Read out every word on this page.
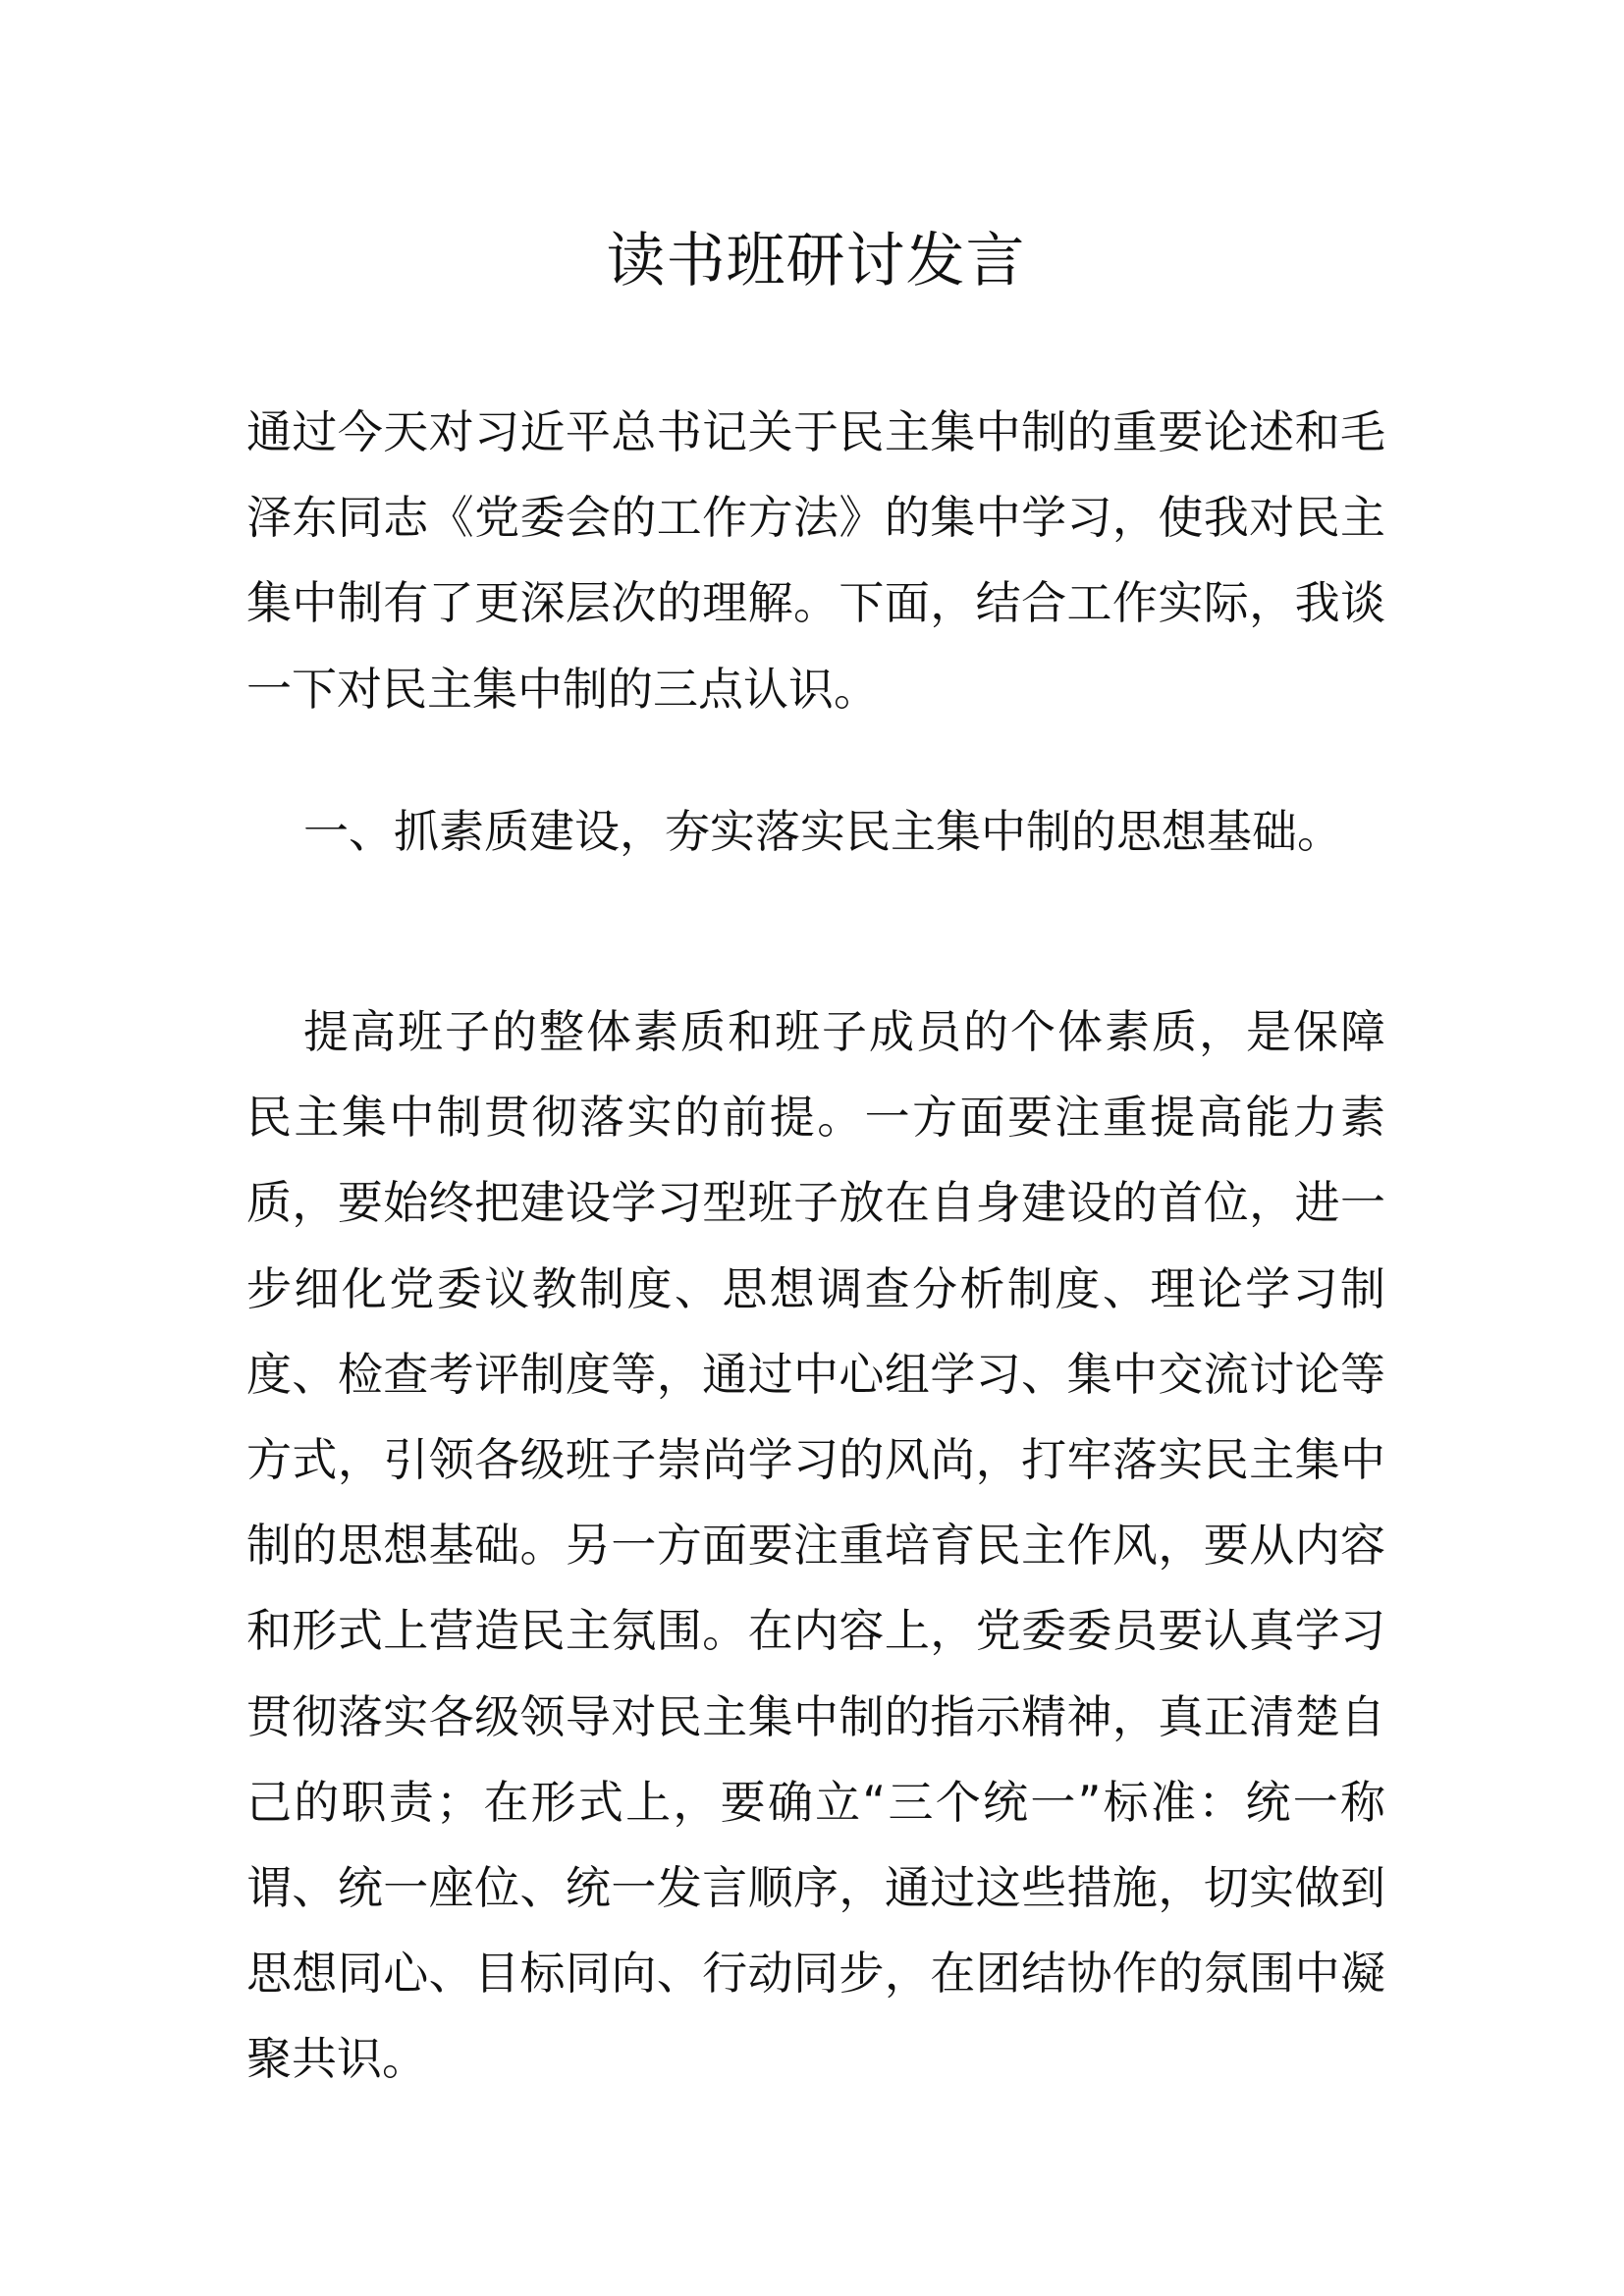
读书班研讨发言

通过今天对习近平总书记关于民主集中制的重要论述和毛泽东同志《党委会的工作方法》的集中学习，使我对民主集中制有了更深层次的理解。下面，结合工作实际，我谈一下对民主集中制的三点认识。

一、抓素质建设，夯实落实民主集中制的思想基础。

提高班子的整体素质和班子成员的个体素质，是保障民主集中制贯彻落实的前提。一方面要注重提高能力素质，要始终把建设学习型班子放在自身建设的首位，进一步细化党委议教制度、思想调查分析制度、理论学习制度、检查考评制度等，通过中心组学习、集中交流讨论等方式，引领各级班子崇尚学习的风尚，打牢落实民主集中制的思想基础。另一方面要注重培育民主作风，要从内容和形式上营造民主氛围。在内容上，党委委员要认真学习贯彻落实各级领导对民主集中制的指示精神，真正清楚自己的职责；在形式上，要确立“三个统一”标准：统一称谓、统一座位、统一发言顺序，通过这些措施，切实做到思想同心、目标同向、行动同步，在团结协作的氛围中凝聚共识。
